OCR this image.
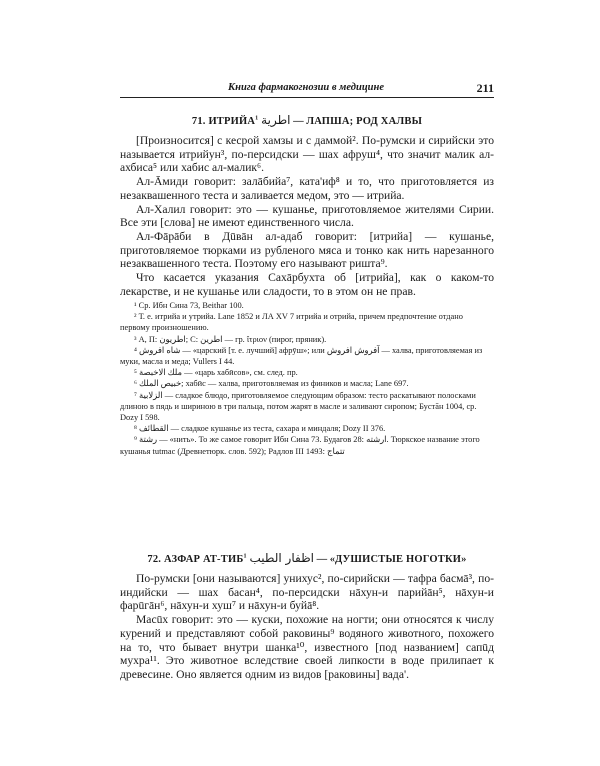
Книга фармакогнозии в медицине	211
71. ИТРИЙА$^1$ اطرية — ЛАПША; РОД ХАЛВЫ

[Произносится] с кесрой хамзы и с даммой². По-румски и сирийски это называется итрийун³, по-персидски — шах афруш⁴, что значит малик ал-ахбиса⁵ или хабис ал-малик⁶.

Ал-Āмиди говорит: залāбийа⁷, ката'иф⁸ и то, что приготовляется из незаквашенного теста и заливается медом, это — итрийа.

Ал-Халил говорит: это — кушанье, приготовляемое жителями Сирии. Все эти [слова] не имеют единственного числа.

Ал-Фāрāби в Дūвāн ал-адаб говорит: [итрийа] — кушанье, приготовляемое тюрками из рубленого мяса и тонко как нить нарезанного незаквашенного теста. Поэтому его называют ришта⁹.

Что касается указания Сахāрбухта об [итрийа], как о каком-то лекарстве, и не кушанье или сладости, то в этом он не прав.

¹ Ср. Ибн Сина 73, Beithar 100.

² Т. е. итрийа и утрийа. Lane 1852 и ЛА XV 7 итрийа и отрийа, причем предпочтение отдано первому произношению.

³ А, П: اطريون; С: اطرين — гр. ἴτριον (пирог, пряник).

⁴ شاه افروش — «царский [т. е. лучший] афрӯш»; или آفروش افروش — халва, приготовляемая из муки, масла и меда; Vullers I 44.

⁵ ملك الاخبصة — «царь хабӣсов», см. след. пр.

⁶ خبيص الملك; хабӣс — халва, приготовляемая из фиников и масла; Lane 697.

⁷ الزلابية — сладкое блюдо, приготовляемое следующим образом: тесто раскатывают полосками длиною в пядь и шириною в три пальца, потом жарят в масле и заливают сиропом; Бустāн 1004, ср. Dozy I 598.

⁸ القطائف — сладкое кушанье из теста, сахара и миндаля; Dozy II 376.

⁹ رشتة — «нить». То же самое говорит Ибн Сина 73. Будагов 28: ارشته. Тюркское название этого кушанья tutmac (Древнетюрк. слов. 592); Радлов III 1493: تتماج

72. АЗФАР АТ-ТИБ$^1$ اظفار الطيب — «ДУШИСТЫЕ НОГОТКИ»

По-румски [они называются] унихус², по-сирийски — тафра басмā³, по-индийски — шах басан⁴, по-персидски нāхун-и парийāн⁵, нāхун-и фарūгāн⁶, нāхун-и хуш⁷ и нāхун-и буйā⁸.

Масūх говорит: это — куски, похожие на ногти; они относятся к числу курений и представляют собой раковины⁹ водяного животного, похожего на то, что бывает внутри шанка¹⁰, известного [под названием] сапūд мухра¹¹. Это животное вследствие своей липкости в воде прилипает к древесине. Оно является одним из видов [раковины] вада'.
